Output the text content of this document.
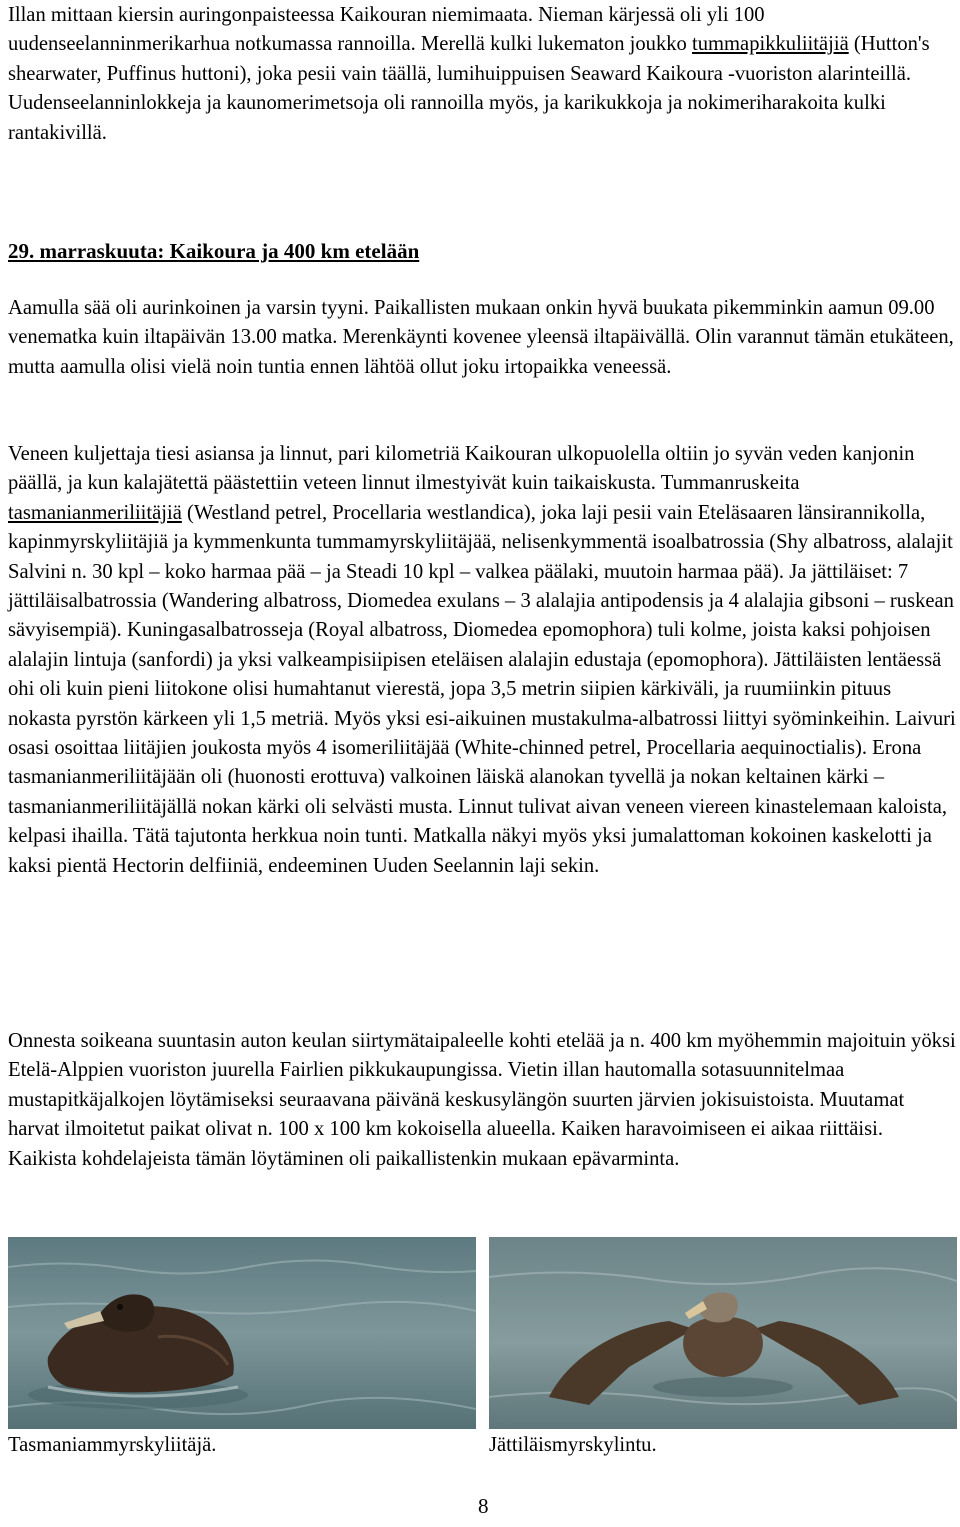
Illan mittaan kiersin auringonpaisteessa Kaikouran niemimaata. Nieman kärjessä oli yli 100 uudenseelanninmerikarhua notkumassa rannoilla. Merellä kulki lukematon joukko tummapikkuliitäjiä (Hutton's shearwater, Puffinus huttoni), joka pesii vain täällä, lumihuippuisen Seaward Kaikoura -vuoriston alarinteillä. Uudenseelanninlokkeja ja kaunomerimetsoja oli rannoilla myös, ja karikukkoja ja nokimeriharakoita kulki rantakivillä.

29. marraskuuta: Kaikoura ja 400 km etelään

Aamulla sää oli aurinkoinen ja varsin tyyni. Paikallisten mukaan onkin hyvä buukata pikemminkin aamun 09.00 venematka kuin iltapäivän 13.00 matka. Merenkäynti kovenee yleensä iltapäivällä. Olin varannut tämän etukäteen, mutta aamulla olisi vielä noin tuntia ennen lähtöä ollut joku irtopaikka veneessä.

Veneen kuljettaja tiesi asiansa ja linnut, pari kilometriä Kaikouran ulkopuolella oltiin jo syvän veden kanjonin päällä, ja kun kalajätettä päästettiin veteen linnut ilmestyivät kuin taikaiskusta. Tummanruskeita tasmanianmeriliitäjiä (Westland petrel, Procellaria westlandica), joka laji pesii vain Eteläsaaren länsirannikolla, kapinmyrskyliitäjiä ja kymmenkunta tummamyrskyliitäjää, nelisenkymmentä isoalbatrossia (Shy albatross, alalajit Salvini n. 30 kpl – koko harmaa pää – ja Steadi 10 kpl – valkea päälaki, muutoin harmaa pää). Ja jättiläiset: 7 jättiläisalbatrossia (Wandering albatross, Diomedea exulans – 3 alalajia antipodensis ja 4 alalajia gibsoni – ruskean sävyisempiä). Kuningasalbatrosseja (Royal albatross, Diomedea epomophora) tuli kolme, joista kaksi pohjoisen alalajin lintuja (sanfordi) ja yksi valkeampisiipisen eteläisen alalajin edustaja (epomophora). Jättiläisten lentäessä ohi oli kuin pieni liitokone olisi humahtanut vierestä, jopa 3,5 metrin siipien kärkiväli, ja ruumiinkin pituus nokasta pyrstön kärkeen yli 1,5 metriä. Myös yksi esi-aikuinen mustakulma-albatrossi liittyi syöminkeihin. Laivuri osasi osoittaa liitäjien joukosta myös 4 isomeriliitäjää (White-chinned petrel, Procellaria aequinoctialis). Erona tasmanianmeriliitäjään oli (huonosti erottuva) valkoinen läiskä alanokan tyvellä ja nokan keltainen kärki – tasmanianmeriliitäjällä nokan kärki oli selvästi musta. Linnut tulivat aivan veneen viereen kinastelemaan kaloista, kelpasi ihailla. Tätä tajutonta herkkua noin tunti. Matkalla näkyi myös yksi jumalattoman kokoinen kaskelotti ja kaksi pientä Hectorin delfiiniä, endeeminen Uuden Seelannin laji sekin.

Onnesta soikeana suuntasin auton keulan siirtymätaipaleelle kohti etelää ja n. 400 km myöhemmin majoituin yöksi Etelä-Alppien vuoriston juurella Fairlien pikkukaupungissa. Vietin illan hautomalla sotasuunnitelmaa mustapitkäjalkojen löytämiseksi seuraavana päivänä keskusylängön suurten järvien jokisuistoista. Muutamat harvat ilmoitetut paikat olivat n. 100 x 100 km kokoisella alueella. Kaiken haravoimiseen ei aikaa riittäisi. Kaikista kohdelajeista tämän löytäminen oli paikallistenkin mukaan epävarminta.

Tasmaniammyrskyliitäjä.	Jättiläismyrskylintu.

8
